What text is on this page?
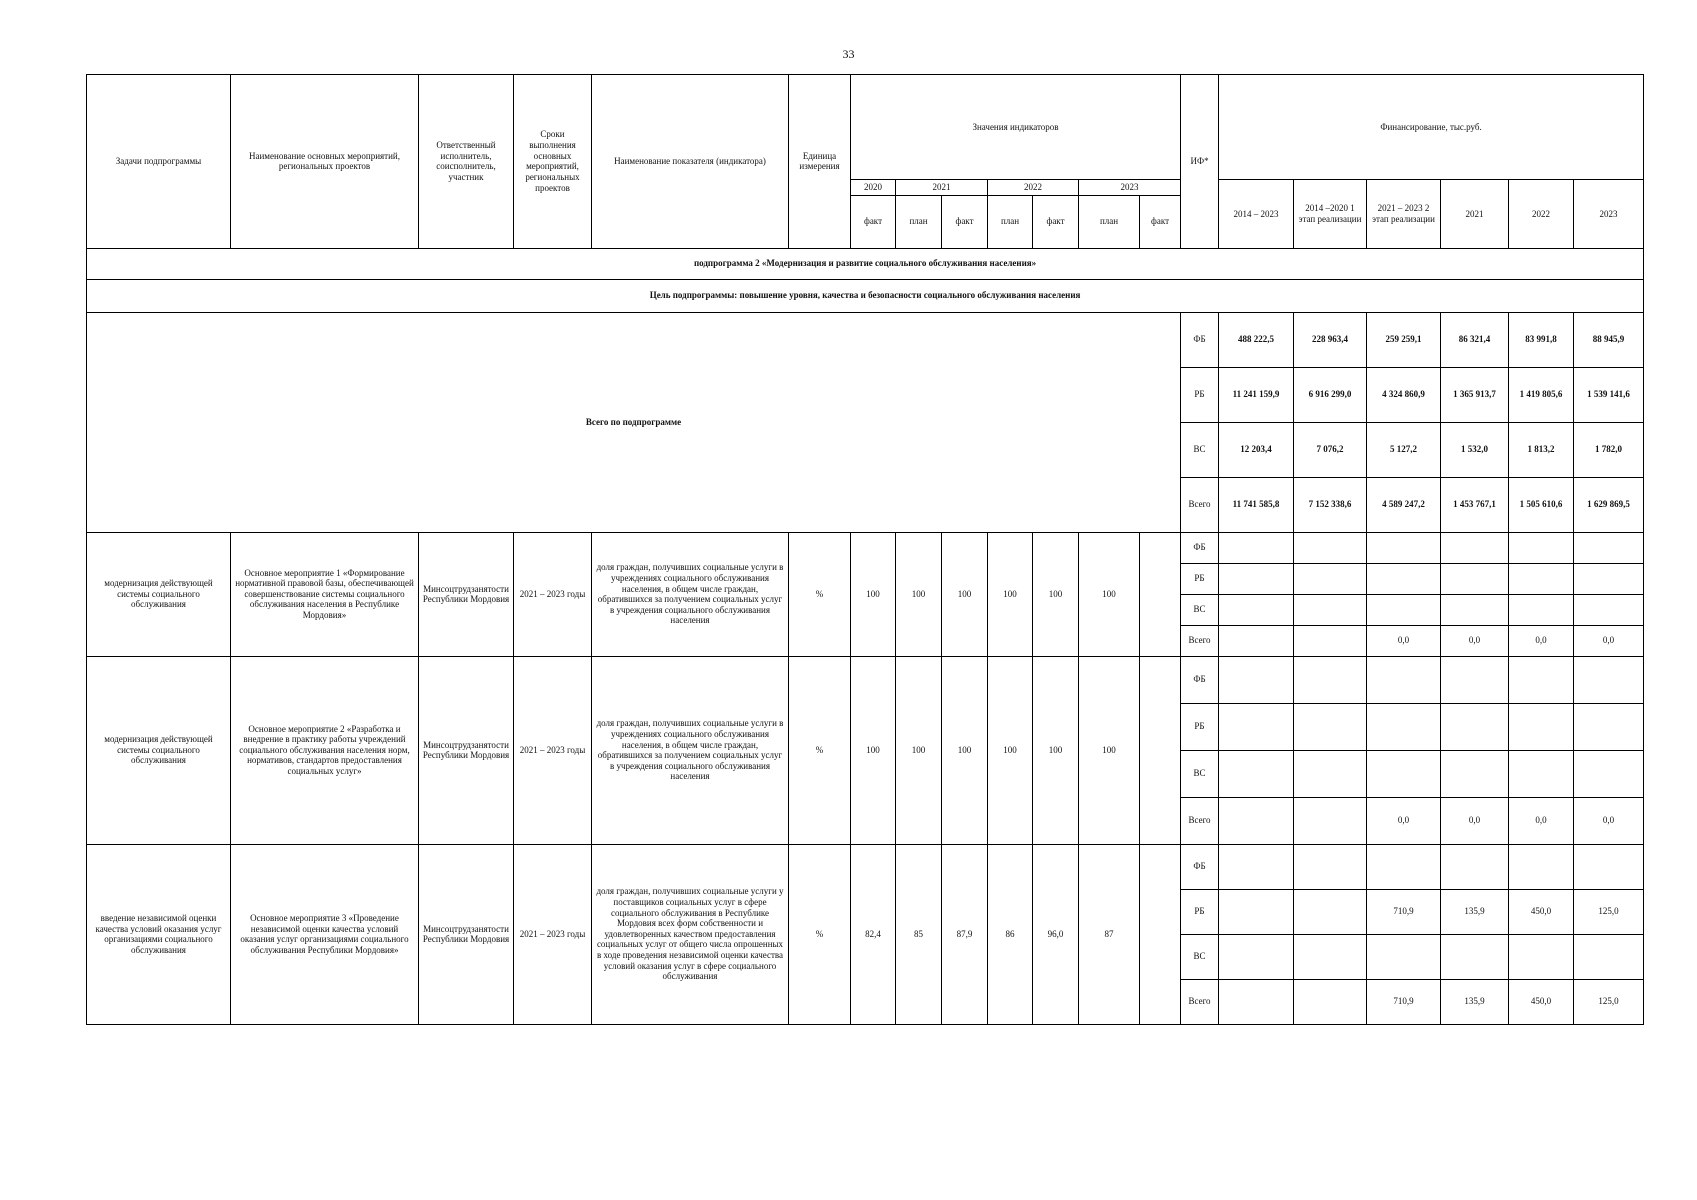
33
Задачи подпрограммы	Наименование основных мероприятий, региональных проектов	Ответственный исполнитель, соисполнитель, участник	Сроки выполнения основных мероприятий, региональных проектов	Наименование показателя (индикатора)	Единица измерения	Значения индикаторов							ИФ*	Финансирование, тыс.руб.					
						2020	2021		2022		2023			2014 – 2023	2014 –2020 1 этап реализации	2021 – 2023 2 этап реализации	2021	2022	2023
						факт	план	факт	план	факт	план	факт							
подпрограмма 2 «Модернизация и развитие социального обслуживания населения»																			
Цель подпрограммы: повышение уровня, качества и безопасности социального обслуживания населения																			
Всего по подпрограмме													ФБ	488 222,5	228 963,4	259 259,1	86 321,4	83 991,8	88 945,9
													РБ	11 241 159,9	6 916 299,0	4 324 860,9	1 365 913,7	1 419 805,6	1 539 141,6
													ВС	12 203,4	7 076,2	5 127,2	1 532,0	1 813,2	1 782,0
													Всего	11 741 585,8	7 152 338,6	4 589 247,2	1 453 767,1	1 505 610,6	1 629 869,5
модернизация действующей системы социального обслуживания	Основное мероприятие 1 «Формирование нормативной правовой базы, обеспечивающей совершенствование системы социального обслуживания населения в Республике Мордовия»	Минсоцтрудзанятости Республики Мордовия	2021 – 2023 годы	доля граждан, получивших социальные услуги в учреждениях социального обслуживания населения, в общем числе граждан, обратившихся за получением социальных услуг в учреждения социального обслуживания населения	%	100	100	100	100	100	100		ФБ						
													РБ						
													ВС						
													Всего			0,0	0,0	0,0	0,0
модернизация действующей системы социального обслуживания	Основное мероприятие 2 «Разработка и внедрение в практику работы учреждений социального обслуживания населения норм, нормативов, стандартов предоставления социальных услуг»	Минсоцтрудзанятости Республики Мордовия	2021 – 2023 годы	доля граждан, получивших социальные услуги в учреждениях социального обслуживания населения, в общем числе граждан, обратившихся за получением социальных услуг в учреждения социального обслуживания населения	%	100	100	100	100	100	100		ФБ						
													РБ						
													ВС						
													Всего			0,0	0,0	0,0	0,0
введение независимой оценки качества условий оказания услуг организациями социального обслуживания	Основное мероприятие 3 «Проведение независимой оценки качества условий оказания услуг организациями социального обслуживания Республики Мордовия»	Минсоцтрудзанятости Республики Мордовия	2021 – 2023 годы	доля граждан, получивших социальные услуги у поставщиков социальных услуг в сфере социального обслуживания в Республике Мордовия всех форм собственности и удовлетворенных качеством предоставления социальных услуг от общего числа опрошенных в ходе проведения независимой оценки качества условий оказания услуг в сфере социального обслуживания	%	82,4	85	87,9	86	96,0	87		ФБ						
													РБ			710,9	135,9	450,0	125,0
													ВС						
													Всего			710,9	135,9	450,0	125,0
